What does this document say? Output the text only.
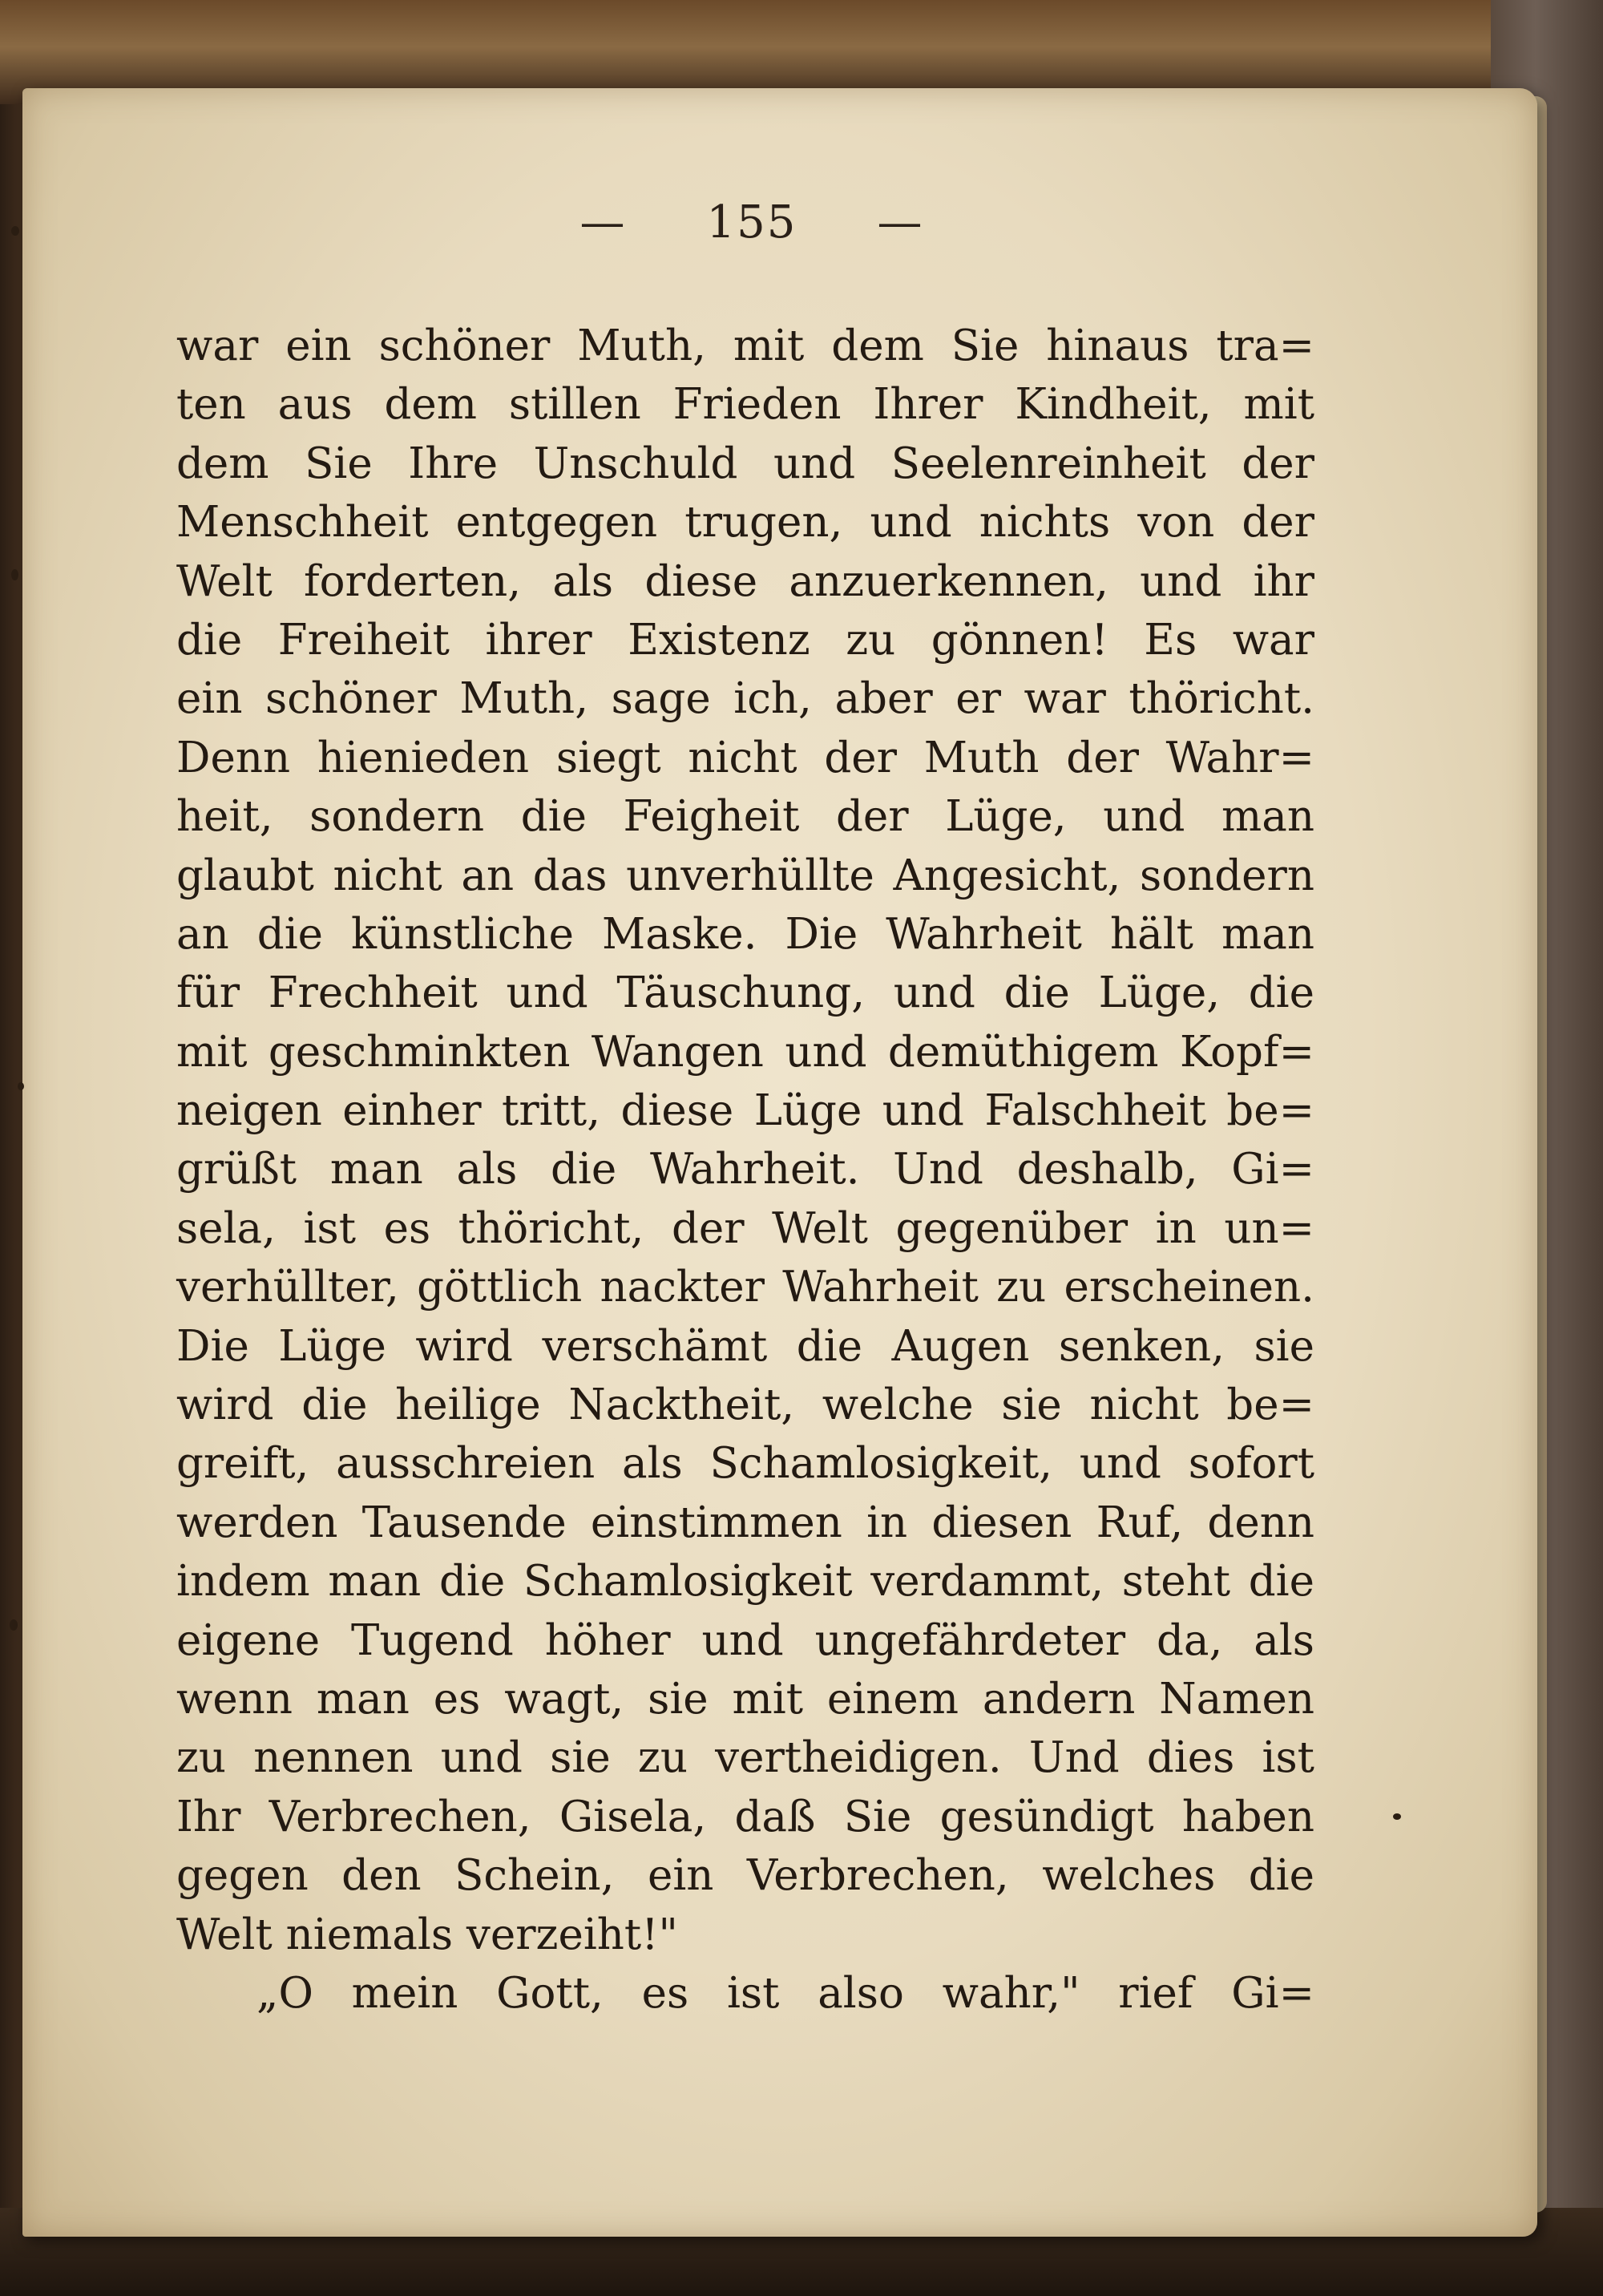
— 155 —
war ein schöner Muth, mit dem Sie hinaus tra=
ten aus dem stillen Frieden Ihrer Kindheit, mit
dem Sie Ihre Unschuld und Seelenreinheit der
Menschheit entgegen trugen, und nichts von der
Welt forderten, als diese anzuerkennen, und ihr
die Freiheit ihrer Existenz zu gönnen! Es war
ein schöner Muth, sage ich, aber er war thöricht.
Denn hienieden siegt nicht der Muth der Wahr=
heit, sondern die Feigheit der Lüge, und man
glaubt nicht an das unverhüllte Angesicht, sondern
an die künstliche Maske. Die Wahrheit hält man
für Frechheit und Täuschung, und die Lüge, die
mit geschminkten Wangen und demüthigem Kopf=
neigen einher tritt, diese Lüge und Falschheit be=
grüßt man als die Wahrheit. Und deshalb, Gi=
sela, ist es thöricht, der Welt gegenüber in un=
verhüllter, göttlich nackter Wahrheit zu erscheinen.
Die Lüge wird verschämt die Augen senken, sie
wird die heilige Nacktheit, welche sie nicht be=
greift, ausschreien als Schamlosigkeit, und sofort
werden Tausende einstimmen in diesen Ruf, denn
indem man die Schamlosigkeit verdammt, steht die
eigene Tugend höher und ungefährdeter da, als
wenn man es wagt, sie mit einem andern Namen
zu nennen und sie zu vertheidigen. Und dies ist
Ihr Verbrechen, Gisela, daß Sie gesündigt haben
gegen den Schein, ein Verbrechen, welches die
Welt niemals verzeiht!"
„O mein Gott, es ist also wahr," rief Gi=
